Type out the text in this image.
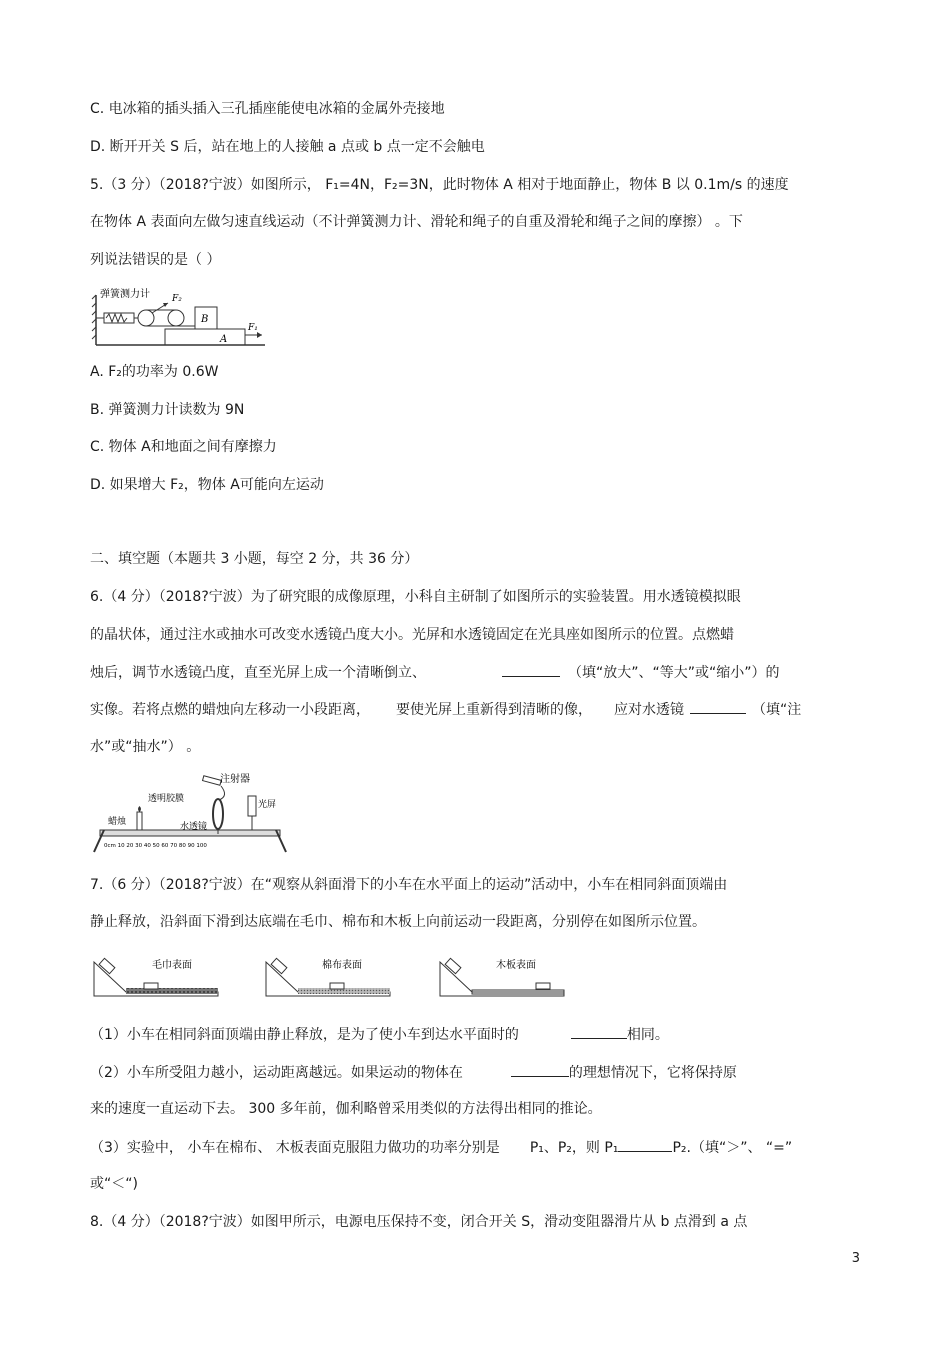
C. 电冰箱的插头插入三孔插座能使电冰箱的金属外壳接地
D. 断开开关 S 后，站在地上的人接触 a 点或 b 点一定不会触电
5.（3 分）（2018?宁波）如图所示， F₁=4N，F₂=3N，此时物体 A 相对于地面静止，物体 B 以 0.1m/s 的速度
在物体 A 表面向左做匀速直线运动（不计弹簧测力计、滑轮和绳子的自重及滑轮和绳子之间的摩擦） 。下
列说法错误的是（ ）
弹簧测力计 F₂
B
A
F₁
A. F₂的功率为 0.6W
B. 弹簧测力计读数为 9N
C. 物体 A和地面之间有摩擦力
D. 如果增大 F₂，物体 A可能向左运动
二、填空题（本题共 3 小题，每空 2 分，共 36 分）
6.（4 分）（2018?宁波）为了研究眼的成像原理，小科自主研制了如图所示的实验装置。用水透镜模拟眼
的晶状体，通过注水或抽水可改变水透镜凸度大小。光屏和水透镜固定在光具座如图所示的位置。点燃蜡
烛后，调节水透镜凸度，直至光屏上成一个清晰倒立、	（填“放大”、“等大”或“缩小”）的
实像。若将点燃的蜡烛向左移动一小段距离， 要使光屏上重新得到清晰的像， 应对水透镜	（填“注
水”或“抽水”） 。
注射器
透明胶膜
光屏
蜡烛	水透镜
0cm 10 20 30 40 50 60 70 80 90 100
7.（6 分）（2018?宁波）在“观察从斜面滑下的小车在水平面上的运动”活动中，小车在相同斜面顶端由
静止释放，沿斜面下滑到达底端在毛巾、棉布和木板上向前运动一段距离，分别停在如图所示位置。
毛巾表面	棉布表面	木板表面
（1）小车在相同斜面顶端由静止释放，是为了使小车到达水平面时的	相同。
（2）小车所受阻力越小，运动距离越远。如果运动的物体在	的理想情况下，它将保持原
来的速度一直运动下去。 300 多年前，伽利略曾采用类似的方法得出相同的推论。
（3）实验中， 小车在棉布、 木板表面克服阻力做功的功率分别是 P₁、P₂，则 P₁	P₂.（填“＞”、 “=”
或“＜“)
8.（4 分）（2018?宁波）如图甲所示，电源电压保持不变，闭合开关 S，滑动变阻器滑片从 b 点滑到 a 点
3
